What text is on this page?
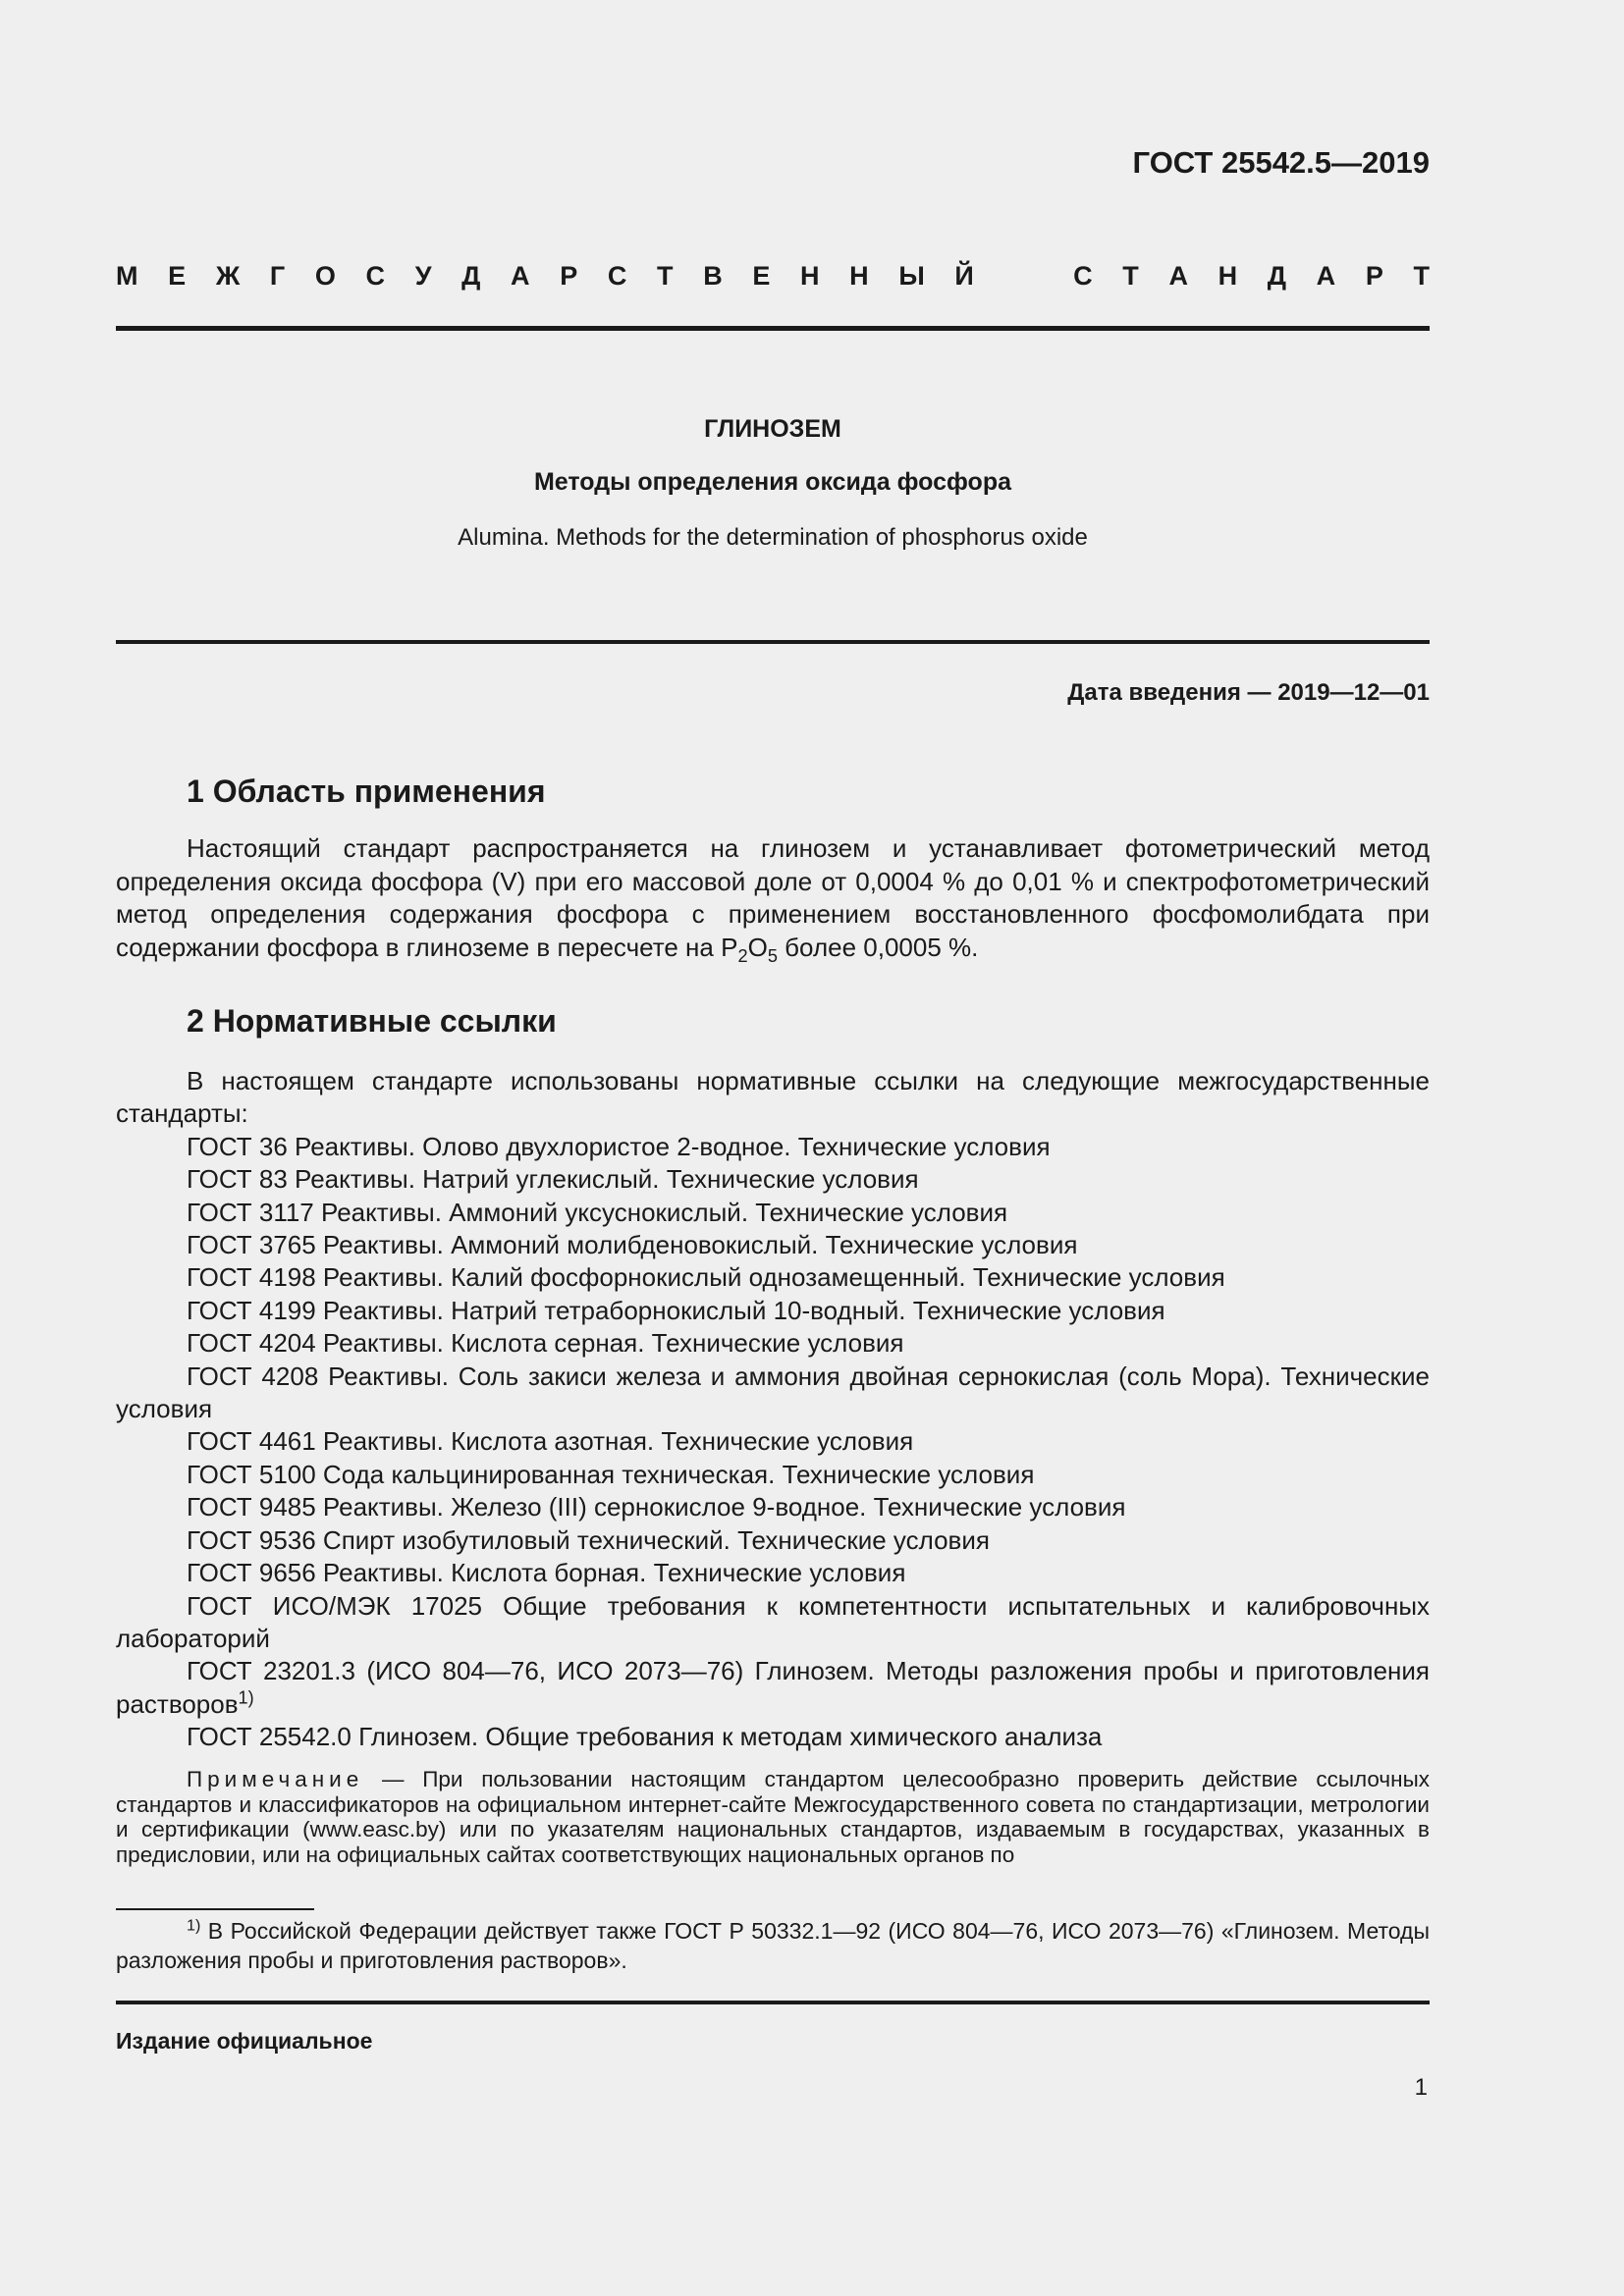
ГОСТ 25542.5—2019
М Е Ж Г О С У Д А Р С Т В Е Н Н Ы Й	С Т А Н Д А Р Т
ГЛИНОЗЕМ
Методы определения оксида фосфора
Alumina. Methods for the determination of phosphorus oxide
Дата введения — 2019—12—01
1 Область применения
Настоящий стандарт распространяется на глинозем и устанавливает фотометрический метод определения оксида фосфора (V) при его массовой доле от 0,0004 % до 0,01 % и спектрофотометрический метод определения содержания фосфора с применением восстановленного фосфомолибдата при содержании фосфора в глиноземе в пересчете на $P_2O_5$ более 0,0005 %.
2 Нормативные ссылки
В настоящем стандарте использованы нормативные ссылки на следующие межгосударственные стандарты:
ГОСТ 36 Реактивы. Олово двухлористое 2-водное. Технические условия
ГОСТ 83 Реактивы. Натрий углекислый. Технические условия
ГОСТ 3117 Реактивы. Аммоний уксуснокислый. Технические условия
ГОСТ 3765 Реактивы. Аммоний молибденовокислый. Технические условия
ГОСТ 4198 Реактивы. Калий фосфорнокислый однозамещенный. Технические условия
ГОСТ 4199 Реактивы. Натрий тетраборнокислый 10-водный. Технические условия
ГОСТ 4204 Реактивы. Кислота серная. Технические условия
ГОСТ 4208 Реактивы. Соль закиси железа и аммония двойная сернокислая (соль Мора). Технические условия
ГОСТ 4461 Реактивы. Кислота азотная. Технические условия
ГОСТ 5100 Сода кальцинированная техническая. Технические условия
ГОСТ 9485 Реактивы. Железо (III) сернокислое 9-водное. Технические условия
ГОСТ 9536 Спирт изобутиловый технический. Технические условия
ГОСТ 9656 Реактивы. Кислота борная. Технические условия
ГОСТ ИСО/МЭК 17025 Общие требования к компетентности испытательных и калибровочных лабораторий
ГОСТ 23201.3 (ИСО 804—76, ИСО 2073—76) Глинозем. Методы разложения пробы и приготовления растворов$^{1)}$
ГОСТ 25542.0 Глинозем. Общие требования к методам химического анализа
Примечание — При пользовании настоящим стандартом целесообразно проверить действие ссылочных стандартов и классификаторов на официальном интернет-сайте Межгосударственного совета по стандартизации, метрологии и сертификации (www.easc.by) или по указателям национальных стандартов, издаваемым в государствах, указанных в предисловии, или на официальных сайтах соответствующих национальных органов по
$^{1)}$ В Российской Федерации действует также ГОСТ Р 50332.1—92 (ИСО 804—76, ИСО 2073—76) «Глинозем. Методы разложения пробы и приготовления растворов».
Издание официальное
1
